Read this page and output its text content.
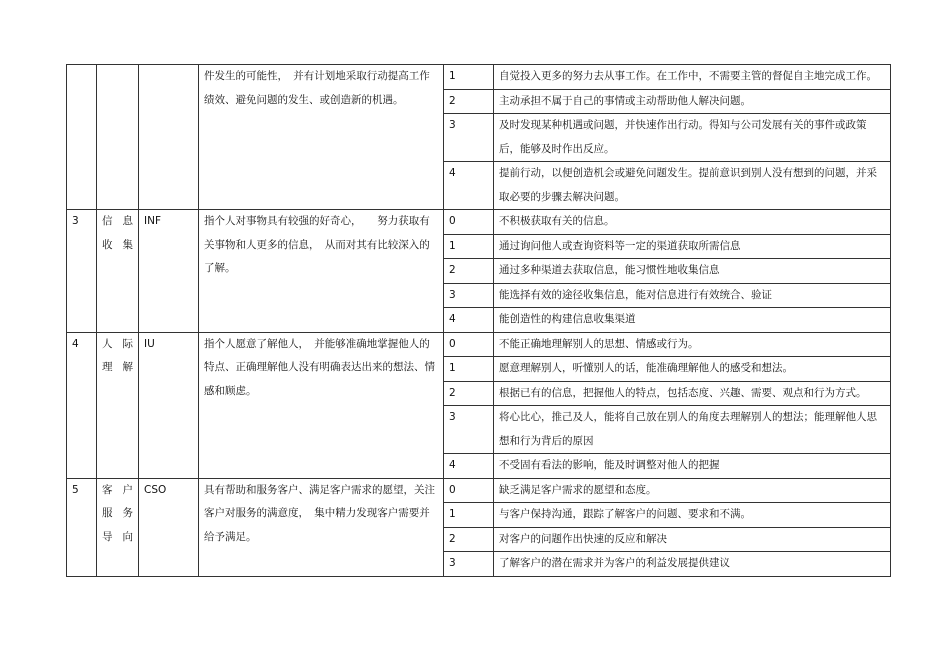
			件发生的可能性，　并有计划地采取行动提高工作绩效、避免问题的发生、或创造新的机遇。	1	自觉投入更多的努力去从事工作。在工作中，不需要主管的督促自主地完成工作。
				2	主动承担不属于自己的事情或主动帮助他人解决问题。
				3	及时发现某种机遇或问题，并快速作出行动。得知与公司发展有关的事件或政策后，能够及时作出反应。
				4	提前行动，以便创造机会或避免问题发生。提前意识到别人没有想到的问题，并采取必要的步骤去解决问题。
3	信息收集	INF	指个人对事物具有较强的好奇心，　　努力获取有关事物和人更多的信息，　从而对其有比较深入的了解。	0	不积极获取有关的信息。
				1	通过询问他人或查询资料等一定的渠道获取所需信息
				2	通过多种渠道去获取信息，能习惯性地收集信息
				3	能选择有效的途径收集信息，能对信息进行有效统合、验证
				4	能创造性的构建信息收集渠道
4	人际理解	IU	指个人愿意了解他人，　并能够准确地掌握他人的特点、正确理解他人没有明确表达出来的想法、情感和顾虑。	0	不能正确地理解别人的思想、情感或行为。
				1	愿意理解别人，听懂别人的话，能准确理解他人的感受和想法。
				2	根据已有的信息，把握他人的特点，包括态度、兴趣、需要、观点和行为方式。
				3	将心比心，推己及人，能将自己放在别人的角度去理解别人的想法；能理解他人思想和行为背后的原因
				4	不受固有看法的影响，能及时调整对他人的把握
5	客户服务导向	CSO	具有帮助和服务客户、满足客户需求的愿望，关注客户对服务的满意度，　集中精力发现客户需要并给予满足。	0	缺乏满足客户需求的愿望和态度。
				1	与客户保持沟通，跟踪了解客户的问题、要求和不满。
				2	对客户的问题作出快速的反应和解决
				3	了解客户的潜在需求并为客户的利益发展提供建议
